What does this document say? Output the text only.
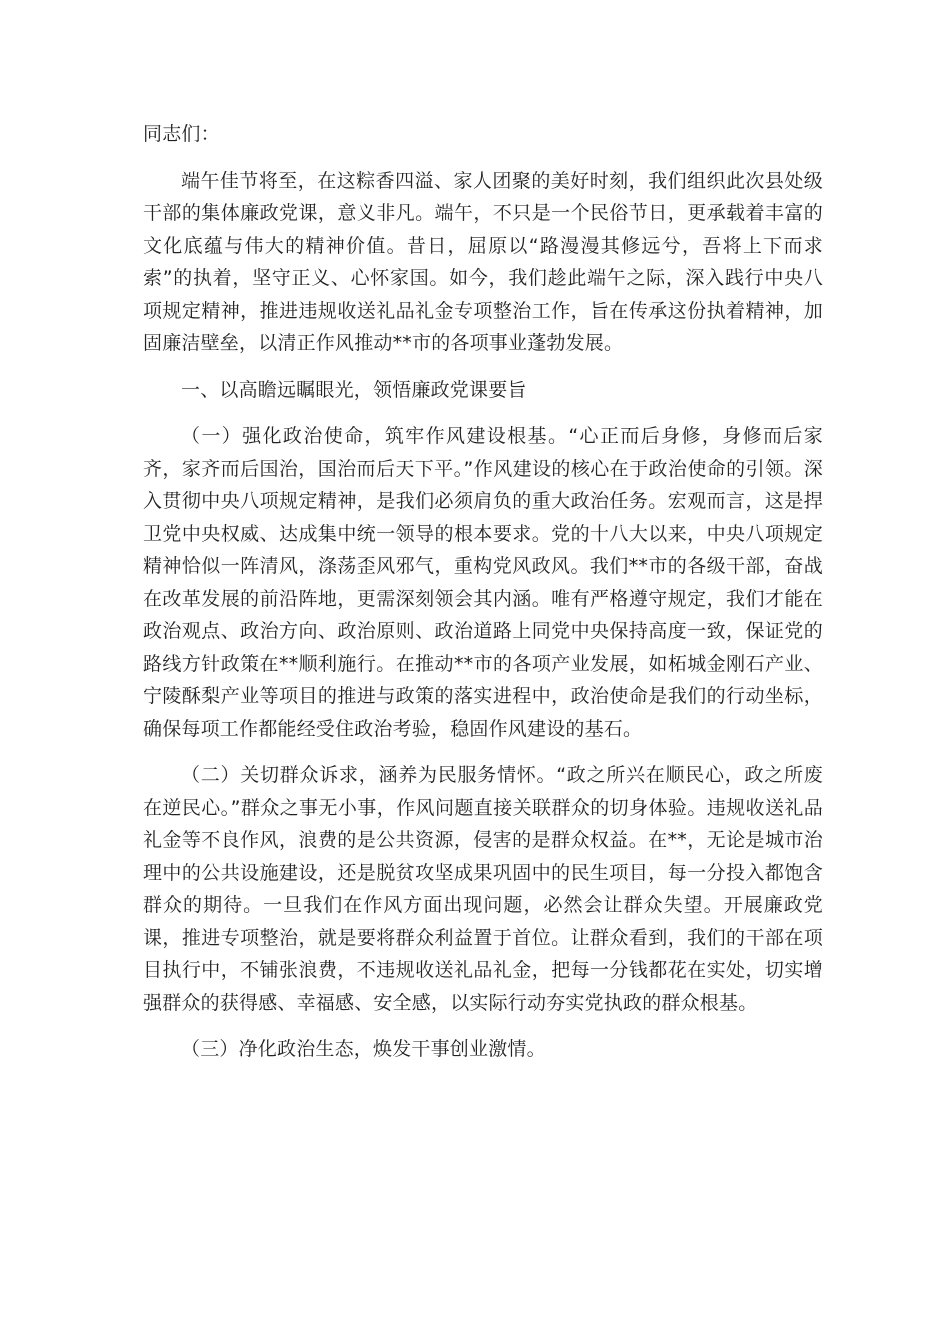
同志们：

端午佳节将至，在这粽香四溢、家人团聚的美好时刻，我们组织此次县处级干部的集体廉政党课，意义非凡。端午，不只是一个民俗节日，更承载着丰富的文化底蕴与伟大的精神价值。昔日，屈原以“路漫漫其修远兮，吾将上下而求索”的执着，坚守正义、心怀家国。如今，我们趁此端午之际，深入践行中央八项规定精神，推进违规收送礼品礼金专项整治工作，旨在传承这份执着精神，加固廉洁壁垒，以清正作风推动**市的各项事业蓬勃发展。

一、以高瞻远瞩眼光，领悟廉政党课要旨

（一）强化政治使命，筑牢作风建设根基。“心正而后身修，身修而后家齐，家齐而后国治，国治而后天下平。”作风建设的核心在于政治使命的引领。深入贯彻中央八项规定精神，是我们必须肩负的重大政治任务。宏观而言，这是捍卫党中央权威、达成集中统一领导的根本要求。党的十八大以来，中央八项规定精神恰似一阵清风，涤荡歪风邪气，重构党风政风。我们**市的各级干部，奋战在改革发展的前沿阵地，更需深刻领会其内涵。唯有严格遵守规定，我们才能在政治观点、政治方向、政治原则、政治道路上同党中央保持高度一致，保证党的路线方针政策在**顺利施行。在推动**市的各项产业发展，如柘城金刚石产业、宁陵酥梨产业等项目的推进与政策的落实进程中，政治使命是我们的行动坐标，确保每项工作都能经受住政治考验，稳固作风建设的基石。

（二）关切群众诉求，涵养为民服务情怀。“政之所兴在顺民心，政之所废在逆民心。”群众之事无小事，作风问题直接关联群众的切身体验。违规收送礼品礼金等不良作风，浪费的是公共资源，侵害的是群众权益。在**，无论是城市治理中的公共设施建设，还是脱贫攻坚成果巩固中的民生项目，每一分投入都饱含群众的期待。一旦我们在作风方面出现问题，必然会让群众失望。开展廉政党课，推进专项整治，就是要将群众利益置于首位。让群众看到，我们的干部在项目执行中，不铺张浪费，不违规收送礼品礼金，把每一分钱都花在实处，切实增强群众的获得感、幸福感、安全感，以实际行动夯实党执政的群众根基。

（三）净化政治生态，焕发干事创业激情。
